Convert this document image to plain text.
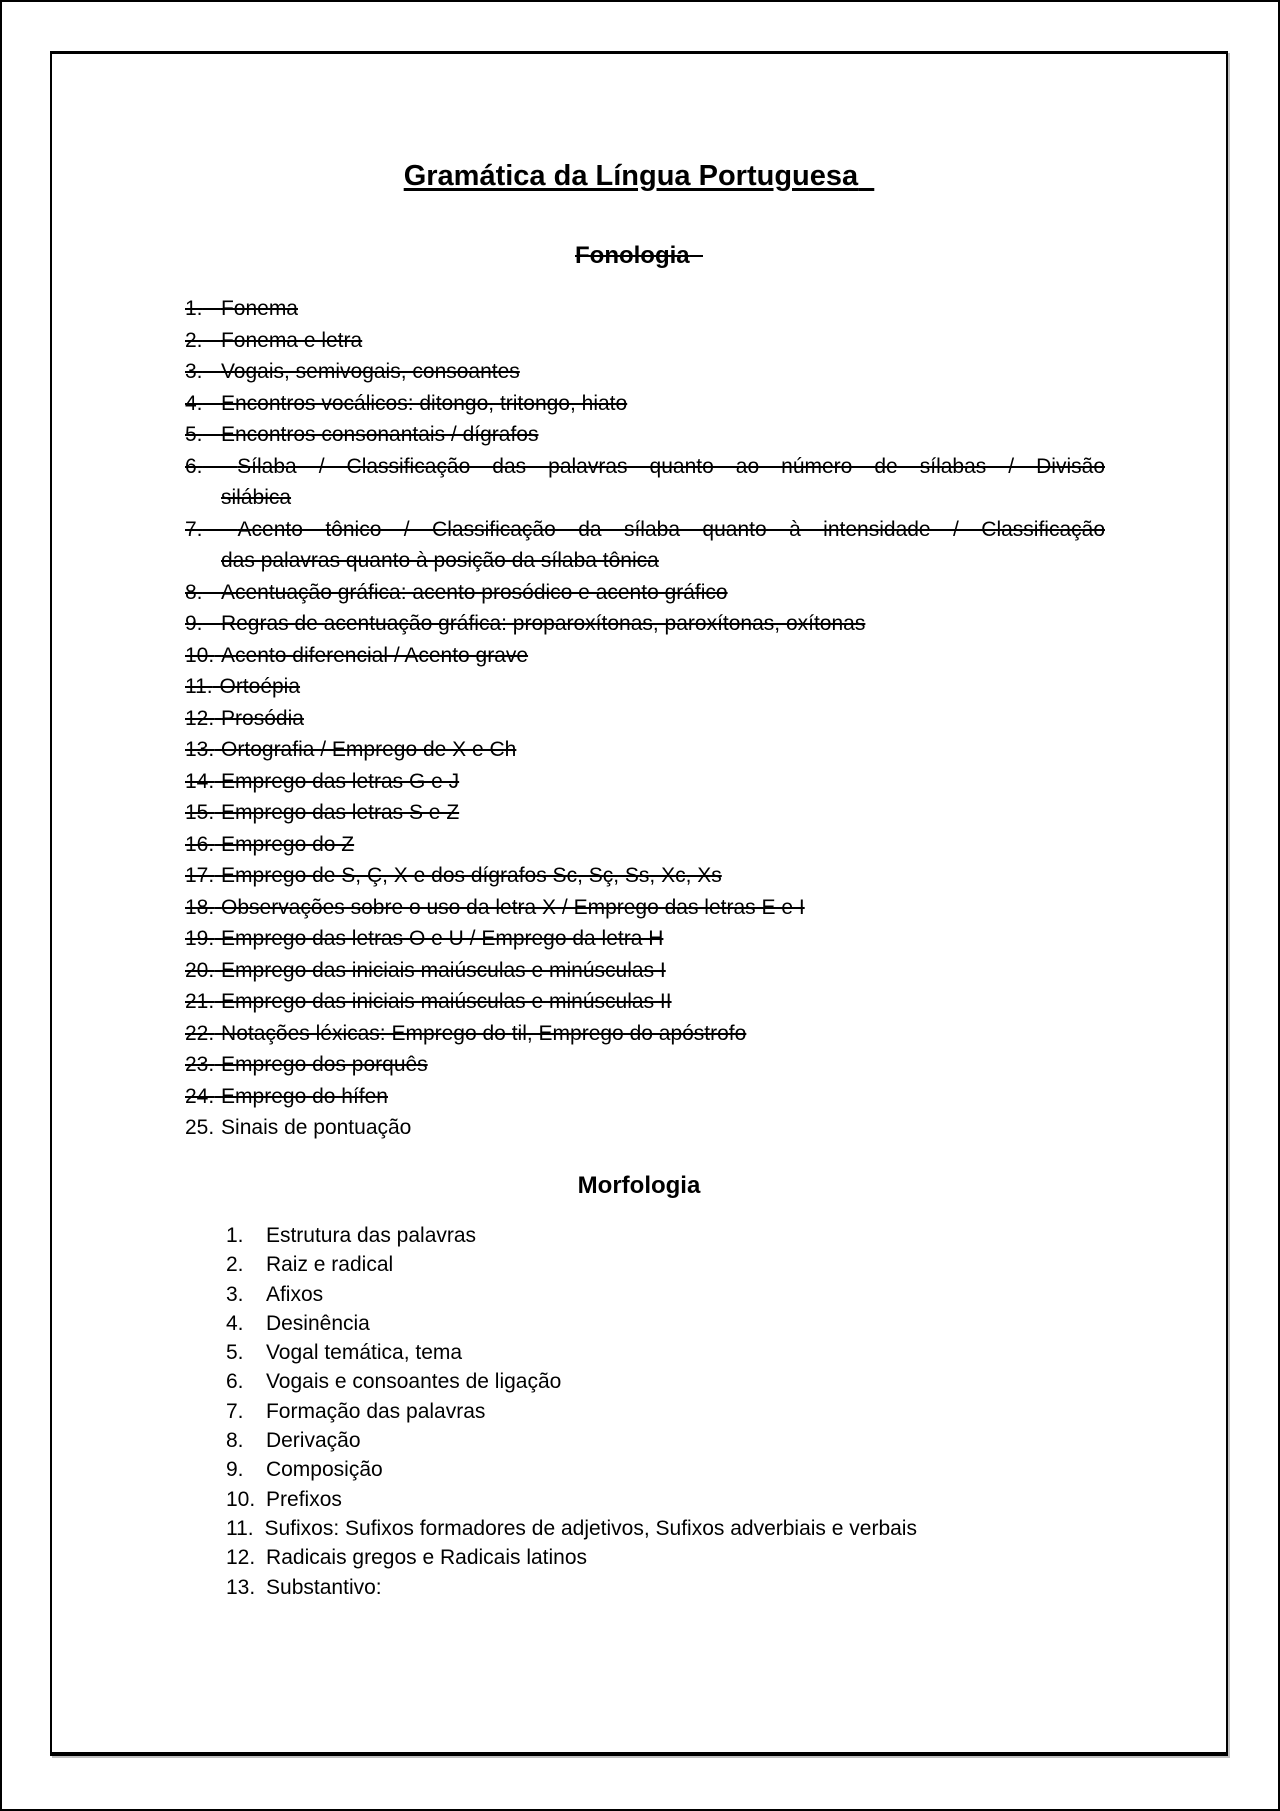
Gramática da Língua Portuguesa
Fonologia
1. Fonema
2. Fonema e letra
3. Vogais, semivogais, consoantes
4. Encontros vocálicos: ditongo, tritongo, hiato
5. Encontros consonantais / dígrafos
6. Sílaba / Classificação das palavras quanto ao número de sílabas / Divisão
silábica
7. Acento tônico / Classificação da sílaba quanto à intensidade / Classificação
das palavras quanto à posição da sílaba tônica
8. Acentuação gráfica: acento prosódico e acento gráfico
9. Regras de acentuação gráfica: proparoxítonas, paroxítonas, oxítonas
10. Acento diferencial / Acento grave
11. Ortoépia
12. Prosódia
13. Ortografia / Emprego de X e Ch
14. Emprego das letras G e J
15. Emprego das letras S e Z
16. Emprego do Z
17. Emprego de S, Ç, X e dos dígrafos Sc, Sç, Ss, Xc, Xs
18. Observações sobre o uso da letra X / Emprego das letras E e I
19. Emprego das letras O e U / Emprego da letra H
20. Emprego das iniciais maiúsculas e minúsculas I
21. Emprego das iniciais maiúsculas e minúsculas II
22. Notações léxicas: Emprego do til, Emprego do apóstrofo
23. Emprego dos porquês
24. Emprego do hífen
25. Sinais de pontuação
Morfologia
1. Estrutura das palavras
2. Raiz e radical
3. Afixos
4. Desinência
5. Vogal temática, tema
6. Vogais e consoantes de ligação
7. Formação das palavras
8. Derivação
9. Composição
10. Prefixos
11. Sufixos: Sufixos formadores de adjetivos, Sufixos adverbiais e verbais
12. Radicais gregos e Radicais latinos
13. Substantivo:
